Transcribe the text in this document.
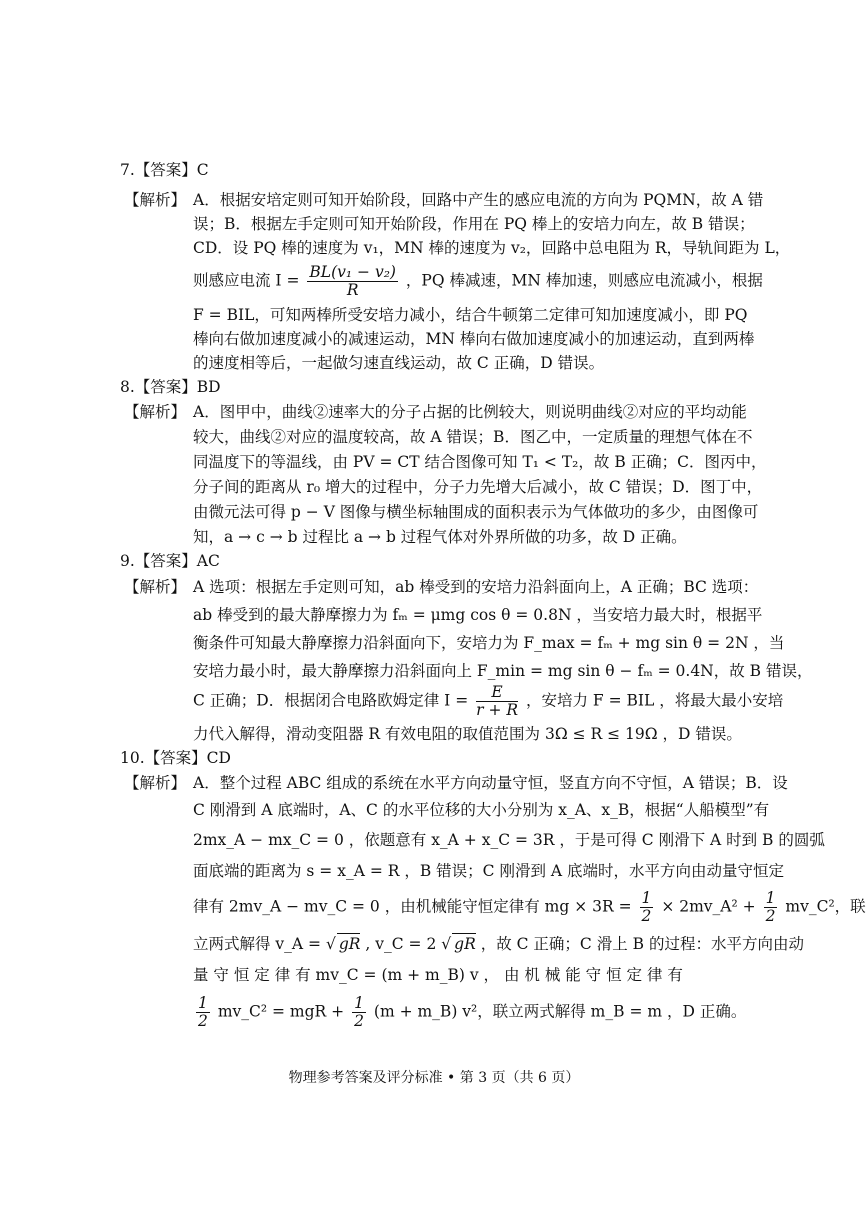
7.【答案】C
【解析】 A．根据安培定则可知开始阶段，回路中产生的感应电流的方向为 PQMN，故 A 错
误；B．根据左手定则可知开始阶段，作用在 PQ 棒上的安培力向左，故 B 错误；
CD．设 PQ 棒的速度为 v₁，MN 棒的速度为 v₂，回路中总电阻为 R，导轨间距为 L，
则感应电流 $I = \frac{\text{BL(v₁ − v₂)}}{R}$ ，PQ 棒减速，MN 棒加速，则感应电流减小，根据
F = BIL，可知两棒所受安培力减小，结合牛顿第二定律可知加速度减小，即 PQ
棒向右做加速度减小的减速运动，MN 棒向右做加速度减小的加速运动，直到两棒
的速度相等后，一起做匀速直线运动，故 C 正确，D 错误。
8.【答案】BD
【解析】 A．图甲中，曲线②速率大的分子占据的比例较大，则说明曲线②对应的平均动能
较大，曲线②对应的温度较高，故 A 错误；B．图乙中，一定质量的理想气体在不
同温度下的等温线，由 PV = CT 结合图像可知 T₁ < T₂，故 B 正确；C．图丙中，
分子间的距离从 r₀ 增大的过程中，分子力先增大后减小，故 C 错误；D．图丁中，
由微元法可得 p − V 图像与横坐标轴围成的面积表示为气体做功的多少，由图像可
知，a → c → b 过程比 a → b 过程气体对外界所做的功多，故 D 正确。
9.【答案】AC
【解析】 A 选项：根据左手定则可知，ab 棒受到的安培力沿斜面向上，A 正确；BC 选项：
ab 棒受到的最大静摩擦力为 fₘ = μmg cos θ = 0.8N ，当安培力最大时，根据平
衡条件可知最大静摩擦力沿斜面向下，安培力为 F_max = fₘ + mg sin θ = 2N ，当
安培力最小时，最大静摩擦力沿斜面向上 F_min = mg sin θ − fₘ = 0.4N，故 B 错误，
C 正确；D．根据闭合电路欧姆定律 $I = \frac{E}{r + R}$ ，安培力 F = BIL ，将最大最小安培
力代入解得，滑动变阻器 R 有效电阻的取值范围为 3Ω ≤ R ≤ 19Ω ，D 错误。
10.【答案】CD
【解析】 A．整个过程 ABC 组成的系统在水平方向动量守恒，竖直方向不守恒，A 错误；B．设
C 刚滑到 A 底端时，A、C 的水平位移的大小分别为 x_A、x_B，根据“人船模型”有
2mx_A − mx_C = 0 ，依题意有 x_A + x_C = 3R ，于是可得 C 刚滑下 A 时到 B 的圆弧
面底端的距离为 s = x_A = R ，B 错误；C 刚滑到 A 底端时，水平方向由动量守恒定
律有 2mv_A − mv_C = 0 ，由机械能守恒定律有 mg × $3R = \frac{1}{2}$ × 2mv_A² + $\frac{1}{2}$ mv_C²，联
立两式解得 v_A = √ gR , v_C = 2 √ gR ，故 C 正确；C 滑上 B 的过程：水平方向由动
量 守 恒 定 律 有 mv_C = (m + m_B) v ， 由 机 械 能 守 恒 定 律 有
$\frac{1}{2}$ mv_C² = mgR + $\frac{1}{2} (m$ + m_B) v²，联立两式解得 m_B = m ，D 正确。
物理参考答案及评分标准 • 第 3 页（共 6 页）
